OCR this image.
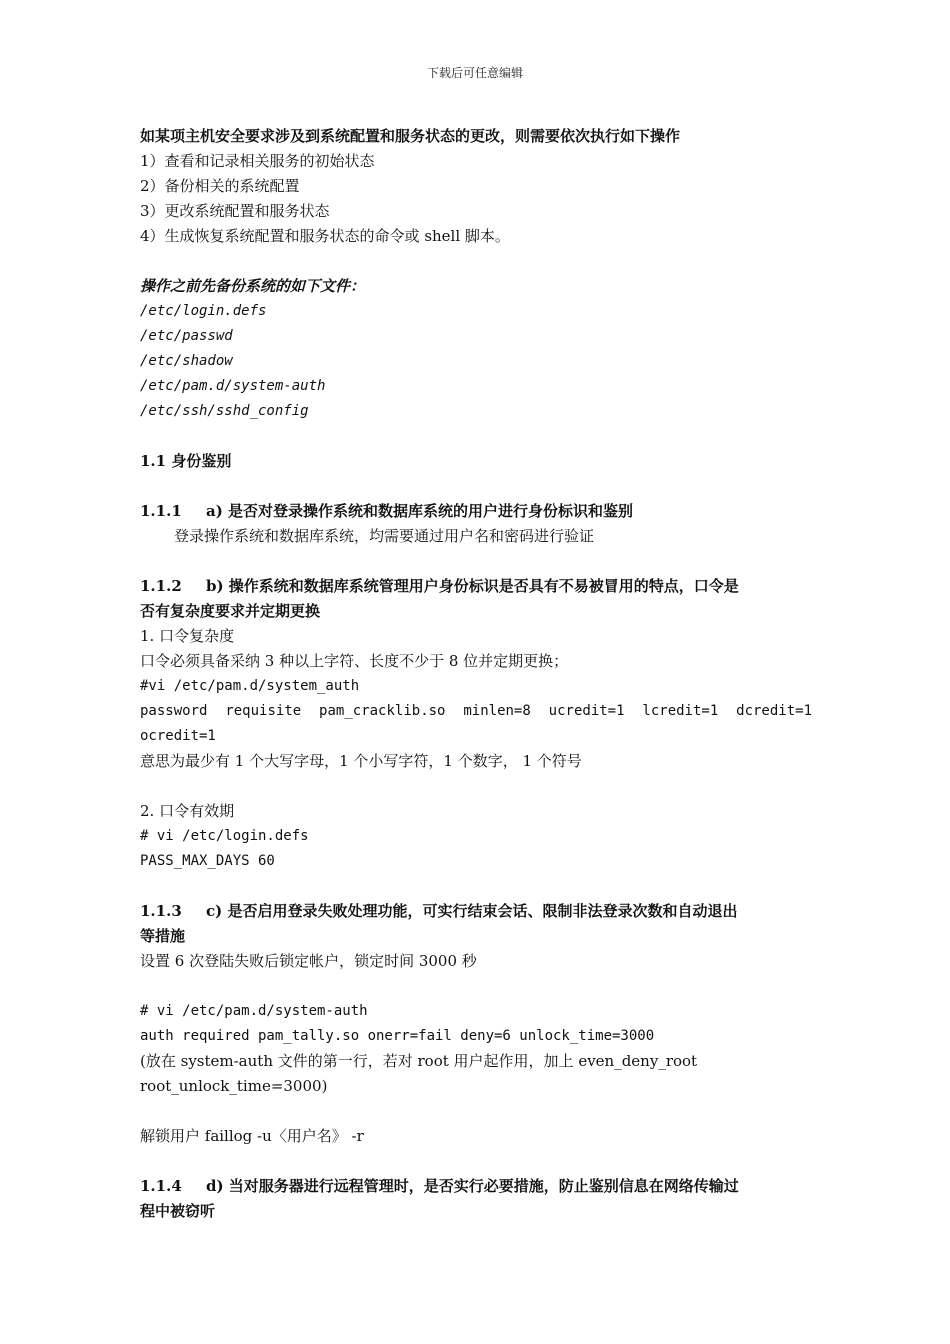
下载后可任意编辑
如某项主机安全要求涉及到系统配置和服务状态的更改，则需要依次执行如下操作
1）查看和记录相关服务的初始状态
2）备份相关的系统配置
3）更改系统配置和服务状态
4）生成恢复系统配置和服务状态的命令或 shell 脚本。
操作之前先备份系统的如下文件：
/etc/login.defs
/etc/passwd
/etc/shadow
/etc/pam.d/system-auth
/etc/ssh/sshd_config
1.1 身份鉴别
1.1.1 a) 是否对登录操作系统和数据库系统的用户进行身份标识和鉴别
登录操作系统和数据库系统，均需要通过用户名和密码进行验证
1.1.2 b) 操作系统和数据库系统管理用户身份标识是否具有不易被冒用的特点，口令是
否有复杂度要求并定期更换
1. 口令复杂度
口令必须具备采纳 3 种以上字符、长度不少于 8 位并定期更换；
#vi /etc/pam.d/system_auth
password requisite pam_cracklib.so minlen=8 ucredit=1 lcredit=1 dcredit=1
ocredit=1
意思为最少有 1 个大写字母，1 个小写字符，1 个数字， 1 个符号
2. 口令有效期
# vi /etc/login.defs
PASS_MAX_DAYS 60
1.1.3 c) 是否启用登录失败处理功能，可实行结束会话、限制非法登录次数和自动退出
等措施
设置 6 次登陆失败后锁定帐户，锁定时间 3000 秒
# vi /etc/pam.d/system-auth
auth required pam_tally.so onerr=fail deny=6 unlock_time=3000
(放在 system-auth 文件的第一行，若对 root 用户起作用，加上 even_deny_root
root_unlock_time=3000)
解锁用户 faillog -u〈用户名》 -r
1.1.4 d) 当对服务器进行远程管理时，是否实行必要措施，防止鉴别信息在网络传输过
程中被窃听
